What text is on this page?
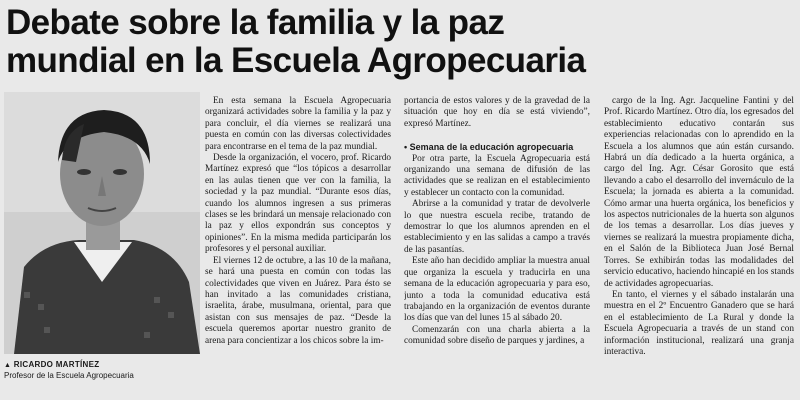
Debate sobre la familia y la paz
mundial en la Escuela Agropecuaria
▲ RICARDO MARTÍNEZ
Profesor de la Escuela Agropecuaria

En esta semana la Escuela Agropecuaria organizará actividades sobre la familia y la paz y para concluir, el día viernes se realizará una puesta en común con las diversas colectividades para encontrarse en el tema de la paz mundial.

Desde la organización, el vocero, prof. Ricardo Martínez expresó que “los tópicos a desarrollar en las aulas tienen que ver con la familia, la sociedad y la paz mundial. “Durante esos días, cuando los alumnos ingresen a sus primeras clases se les brindará un mensaje relacionado con la paz y ellos expondrán sus conceptos y opiniones”. En la misma medida participarán los profesores y el personal auxiliar.

El viernes 12 de octubre, a las 10 de la mañana, se hará una puesta en común con todas las colectividades que viven en Juárez. Para ésto se han invitado a las comunidades cristiana, israelita, árabe, musulmana, oriental, para que asistan con sus mensajes de paz. “Desde la escuela queremos aportar nuestro granito de arena para concientizar a los chicos sobre la im-

portancia de estos valores y de la gravedad de la situación que hoy en día se está viviendo”, expresó Martínez.

• Semana de la educación agropecuaria

Por otra parte, la Escuela Agropecuaria está organizando una semana de difusión de las actividades que se realizan en el establecimiento y establecer un contacto con la comunidad.

Abrirse a la comunidad y tratar de devolverle lo que nuestra escuela recibe, tratando de demostrar lo que los alumnos aprenden en el establecimiento y en las salidas a campo a través de las pasantías.

Este año han decidido ampliar la muestra anual que organiza la escuela y traducirla en una semana de la educación agropecuaria y para eso, junto a toda la comunidad educativa está trabajando en la organización de eventos durante los días que van del lunes 15 al sábado 20.

Comenzarán con una charla abierta a la comunidad sobre diseño de parques y jardines, a

cargo de la Ing. Agr. Jacqueline Fantini y del Prof. Ricardo Martínez. Otro día, los egresados del establecimiento educativo contarán sus experiencias relacionadas con lo aprendido en la Escuela a los alumnos que aún están cursando. Habrá un día dedicado a la huerta orgánica, a cargo del Ing. Agr. César Gorosito que está llevando a cabo el desarrollo del invernáculo de la Escuela; la jornada es abierta a la comunidad. Cómo armar una huerta orgánica, los beneficios y los aspectos nutricionales de la huerta son algunos de los temas a desarrollar. Los días jueves y viernes se realizará la muestra propiamente dicha, en el Salón de la Biblioteca Juan José Bernal Torres. Se exhibirán todas las modalidades del servicio educativo, haciendo hincapié en los stands de actividades agropecuarias.

En tanto, el viernes y el sábado instalarán una muestra en el 2º Encuentro Ganadero que se hará en el establecimiento de La Rural y donde la Escuela Agropecuaria a través de un stand con información institucional, realizará una granja interactiva.
